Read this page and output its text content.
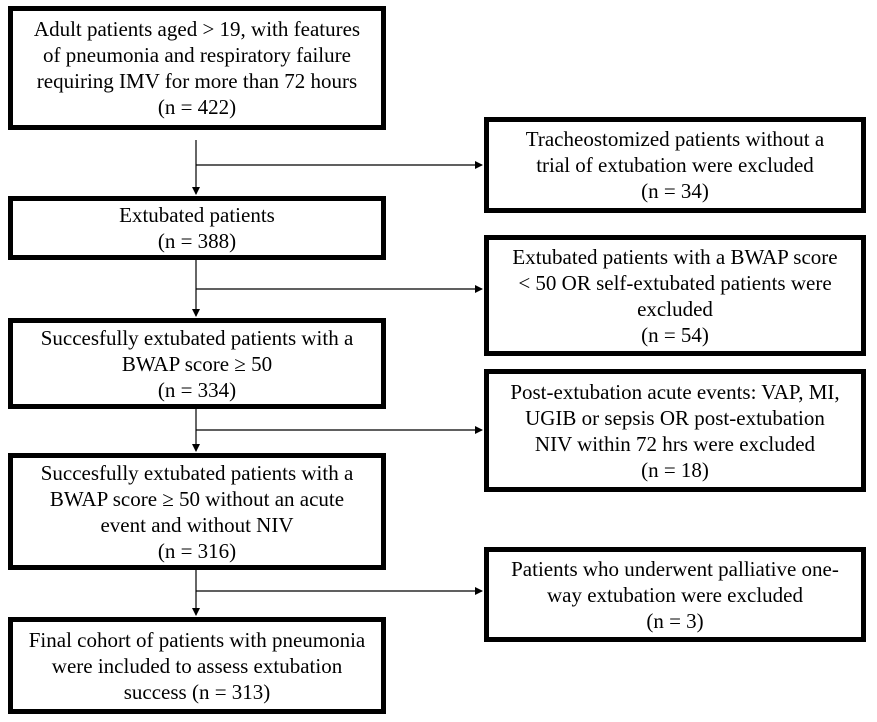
Adult patients aged > 19, with features
of pneumonia and respiratory failure
requiring IMV for more than 72 hours
(n = 422)
Extubated patients
(n = 388)
Succesfully extubated patients with a
BWAP score ≥ 50
(n = 334)
Succesfully extubated patients with a
BWAP score ≥ 50 without an acute
event and without NIV
(n = 316)
Final cohort of patients with pneumonia
were included to assess extubation
success (n = 313)
Tracheostomized patients without a
trial of extubation were excluded
(n = 34)
Extubated patients with a BWAP score
< 50 OR self-extubated patients were
excluded
(n = 54)
Post-extubation acute events: VAP, MI,
UGIB or sepsis OR post-extubation
NIV within 72 hrs were excluded
(n = 18)
Patients who underwent palliative one-
way extubation were excluded
(n = 3)
